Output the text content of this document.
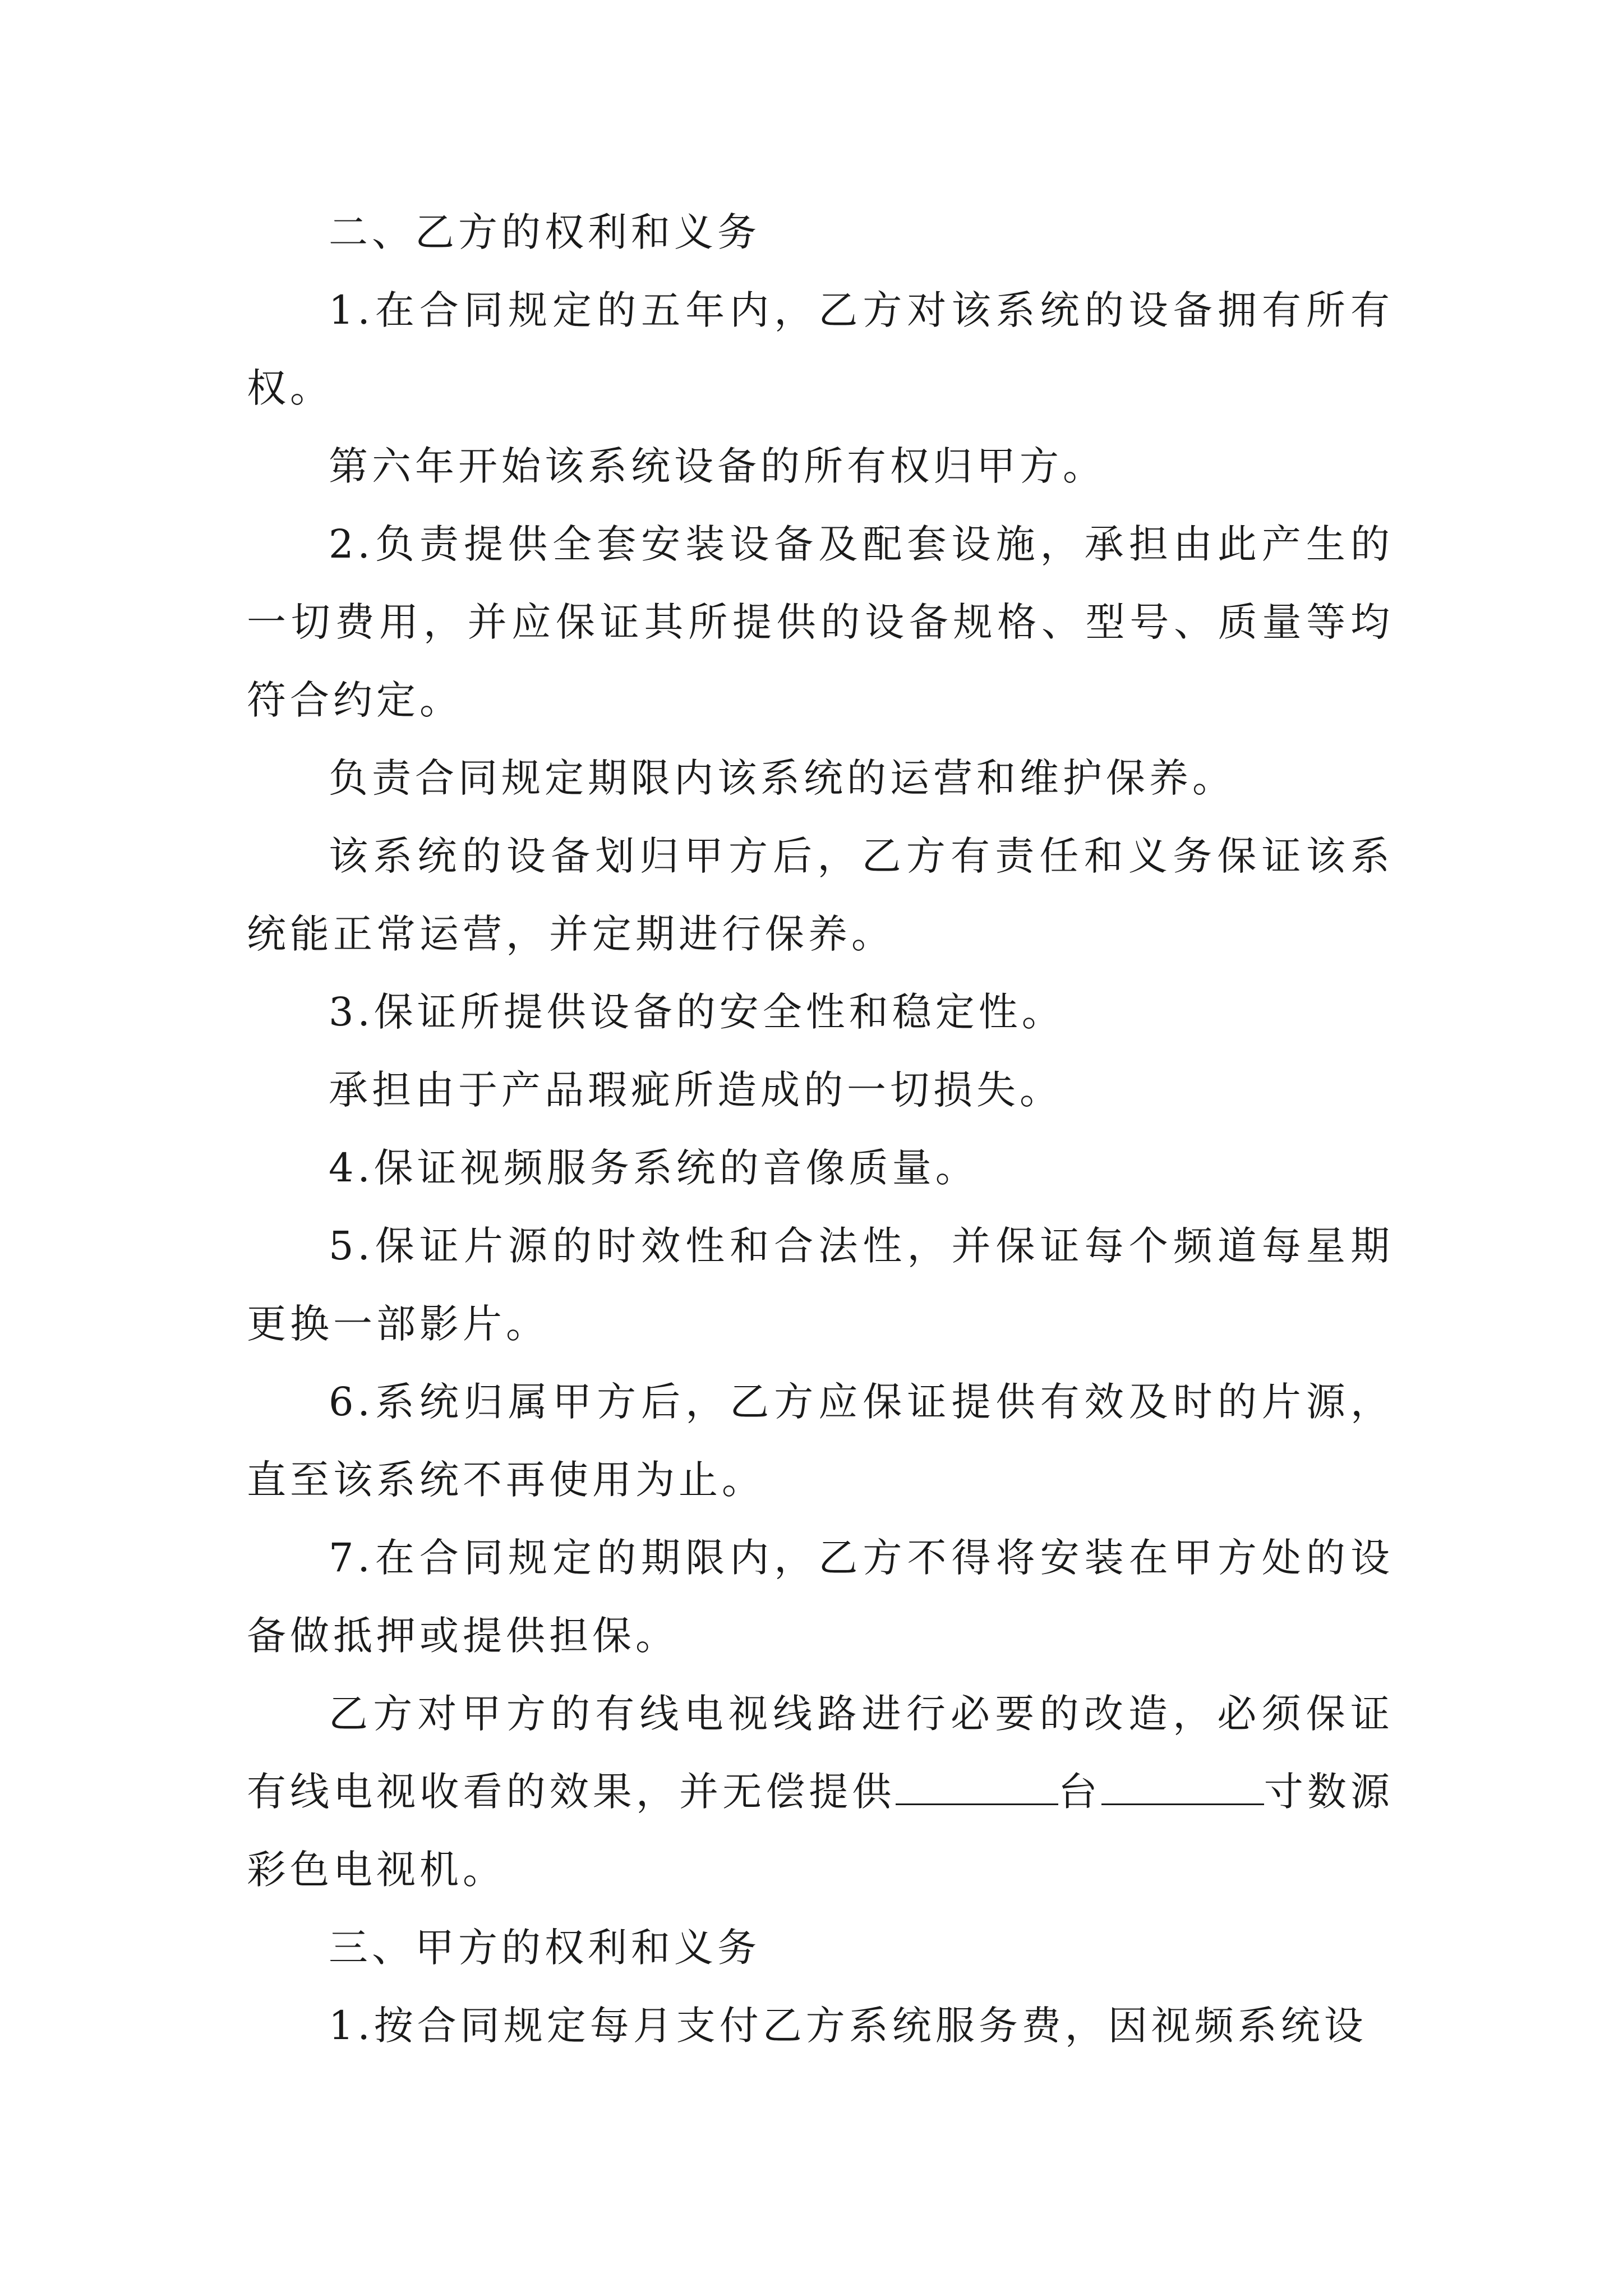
二、乙方的权利和义务

1.在合同规定的五年内，乙方对该系统的设备拥有所有权。

第六年开始该系统设备的所有权归甲方。

2.负责提供全套安装设备及配套设施，承担由此产生的一切费用，并应保证其所提供的设备规格、型号、质量等均符合约定。

负责合同规定期限内该系统的运营和维护保养。

该系统的设备划归甲方后，乙方有责任和义务保证该系统能正常运营，并定期进行保养。

3.保证所提供设备的安全性和稳定性。

承担由于产品瑕疵所造成的一切损失。

4.保证视频服务系统的音像质量。

5.保证片源的时效性和合法性，并保证每个频道每星期更换一部影片。

6.系统归属甲方后，乙方应保证提供有效及时的片源，直至该系统不再使用为止。

7.在合同规定的期限内，乙方不得将安装在甲方处的设备做抵押或提供担保。

乙方对甲方的有线电视线路进行必要的改造，必须保证有线电视收看的效果，并无偿提供	台	寸数源彩色电视机。

三、甲方的权利和义务

1.按合同规定每月支付乙方系统服务费，因视频系统设
